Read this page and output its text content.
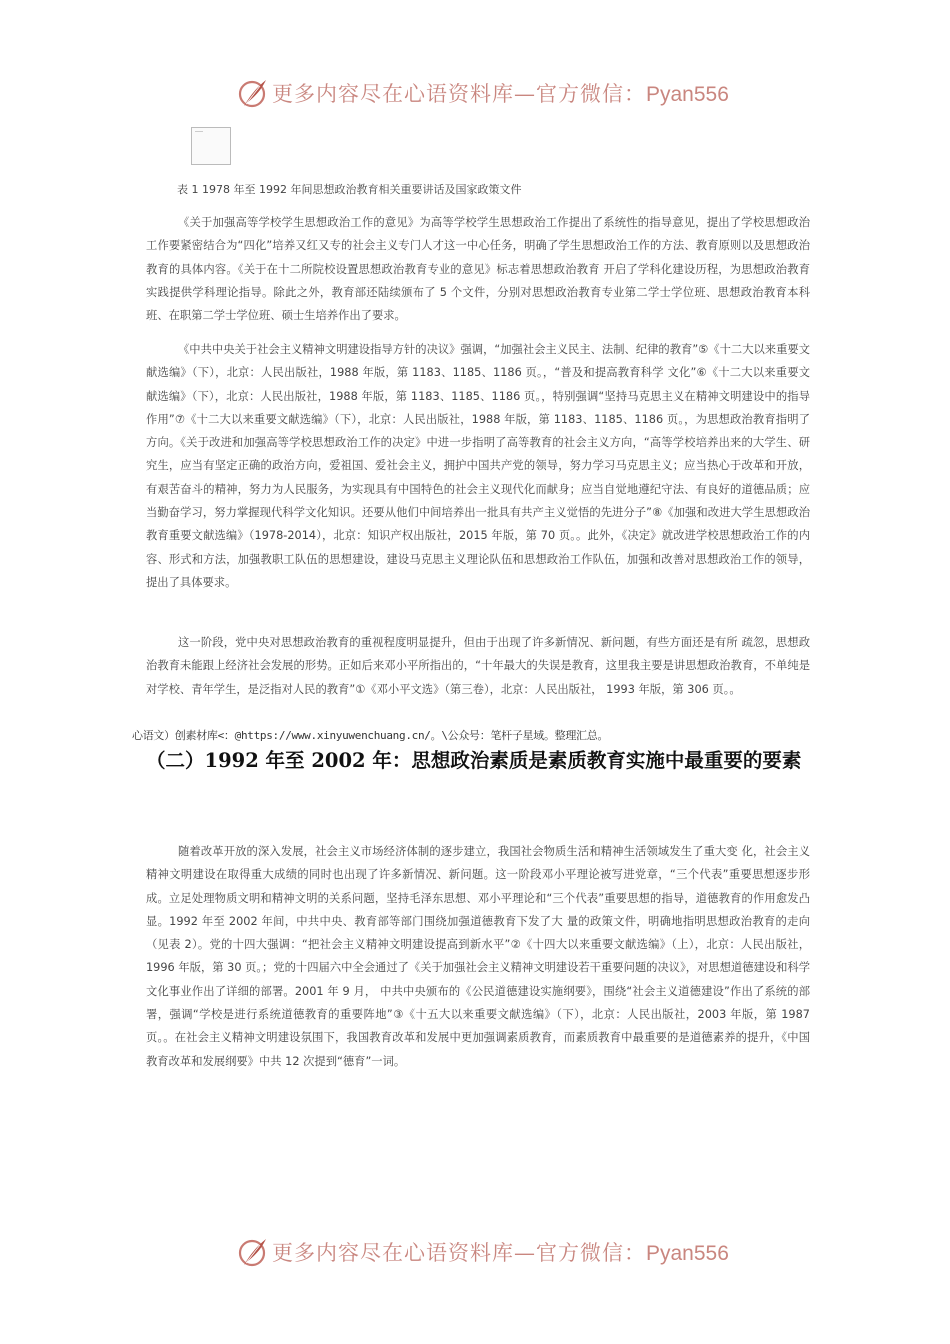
更多内容尽在心语资料库—官方微信：Pyan556
表 1 1978 年至 1992 年间思想政治教育相关重要讲话及国家政策文件

《关于加强高等学校学生思想政治工作的意见》为高等学校学生思想政治工作提出了系统性的指导意见，提出了学校思想政治工作要紧密结合为“四化”培养又红又专的社会主义专门人才这一中心任务，明确了学生思想政治工作的方法、教育原则以及思想政治教育的具体内容。《关于在十二所院校设置思想政治教育专业的意见》标志着思想政治教育 开启了学科化建设历程，为思想政治教育实践提供学科理论指导。除此之外，教育部还陆续颁布了 5 个文件，分别对思想政治教育专业第二学士学位班、思想政治教育本科班、在职第二学士学位班、硕士生培养作出了要求。

《中共中央关于社会主义精神文明建设指导方针的决议》强调，“加强社会主义民主、法制、纪律的教育”⑤《十二大以来重要文献选编》（下），北京：人民出版社，1988 年版，第 1183、1185、1186 页。，“普及和提高教育科学 文化”⑥《十二大以来重要文献选编》（下），北京：人民出版社，1988 年版，第 1183、1185、1186 页。，特别强调“坚持马克思主义在精神文明建设中的指导作用”⑦《十二大以来重要文献选编》（下），北京：人民出版社，1988 年版，第 1183、1185、1186 页。，为思想政治教育指明了方向。《关于改进和加强高等学校思想政治工作的决定》中进一步指明了高等教育的社会主义方向，“高等学校培养出来的大学生、研究生，应当有坚定正确的政治方向，爱祖国、爱社会主义，拥护中国共产党的领导，努力学习马克思主义；应当热心于改革和开放，有艰苦奋斗的精神，努力为人民服务，为实现具有中国特色的社会主义现代化而献身；应当自觉地遵纪守法、有良好的道德品质；应当勤奋学习，努力掌握现代科学文化知识。还要从他们中间培养出一批具有共产主义觉悟的先进分子”⑧《加强和改进大学生思想政治教育重要文献选编》（1978-2014），北京：知识产权出版社，2015 年版，第 70 页。。此外，《决定》就改进学校思想政治工作的内容、形式和方法，加强教职工队伍的思想建设，建设马克思主义理论队伍和思想政治工作队伍，加强和改善对思想政治工作的领导，提出了具体要求。

这一阶段，党中央对思想政治教育的重视程度明显提升，但由于出现了许多新情况、新问题，有些方面还是有所 疏忽，思想政治教育未能跟上经济社会发展的形势。正如后来邓小平所指出的，“十年最大的失误是教育，这里我主要是讲思想政治教育，不单纯是对学校、青年学生，是泛指对人民的教育”①《邓小平文选》（第三卷），北京：人民出版社， 1993 年版，第 306 页。。

心语文）创素材库<：@https://www.xinyuwenchuang.cn/。\公众号：笔杆子星域。整理汇总。
（二）1992 年至 2002 年：思想政治素质是素质教育实施中最重要的要素

随着改革开放的深入发展，社会主义市场经济体制的逐步建立，我国社会物质生活和精神生活领域发生了重大变 化，社会主义精神文明建设在取得重大成绩的同时也出现了许多新情况、新问题。这一阶段邓小平理论被写进党章，“三个代表”重要思想逐步形成。立足处理物质文明和精神文明的关系问题，坚持毛泽东思想、邓小平理论和“三个代表”重要思想的指导，道德教育的作用愈发凸显。1992 年至 2002 年间，中共中央、教育部等部门围绕加强道德教育下发了大 量的政策文件，明确地指明思想政治教育的走向（见表 2）。党的十四大强调：“把社会主义精神文明建设提高到新水平”②《十四大以来重要文献选编》（上），北京：人民出版社，1996 年版，第 30 页。；党的十四届六中全会通过了《关于加强社会主义精神文明建设若干重要问题的决议》，对思想道德建设和科学文化事业作出了详细的部署。2001 年 9 月， 中共中央颁布的《公民道德建设实施纲要》，围绕“社会主义道德建设”作出了系统的部署，强调“学校是进行系统道德教育的重要阵地”③《十五大以来重要文献选编》（下），北京：人民出版社，2003 年版，第 1987 页。。在社会主义精神文明建设氛围下，我国教育改革和发展中更加强调素质教育，而素质教育中最重要的是道德素养的提升，《中国教育改革和发展纲要》中共 12 次提到“德育”一词。

更多内容尽在心语资料库—官方微信：Pyan556
